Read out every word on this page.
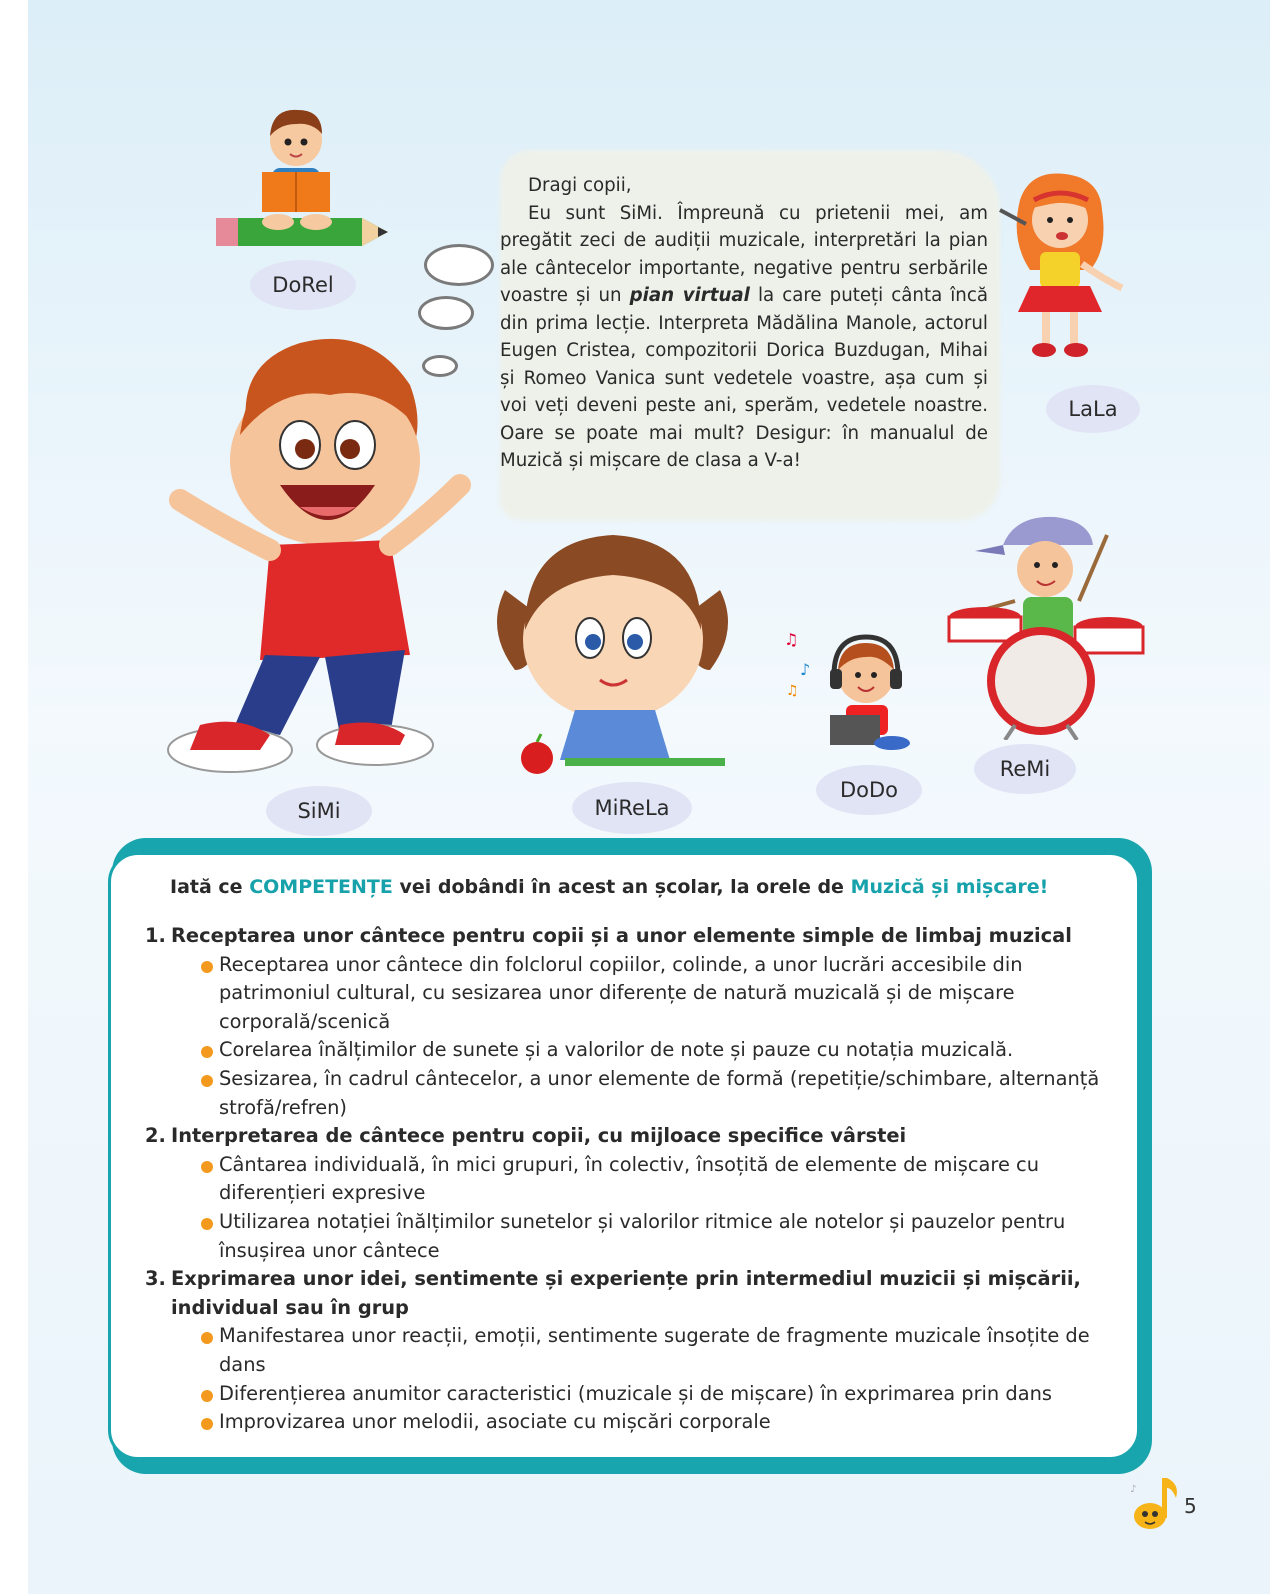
DoRel

Dragi copii,

Eu sunt SiMi. Împreună cu prietenii mei, am pregătit zeci de audiții muzicale, interpretări la pian ale cântecelor importante, negative pentru serbările voastre și un pian virtual la care puteți cânta încă din prima lecție. Interpreta Mădălina Manole, actorul Eugen Cristea, compozitorii Dorica Buzdugan, Mihai și Romeo Vanica sunt vedetele voastre, așa cum și voi veți deveni peste ani, sperăm, vedetele noastre. Oare se poate mai mult? Desigur: în manualul de Muzică și mișcare de clasa a V-a!

LaLa
SiMi	MiReLa
♫
♪
♫
DoDo
ReMi
Iată ce COMPETENȚE vei dobândi în acest an școlar, la orele de Muzică și mișcare!
1. Receptarea unor cântece pentru copii și a unor elemente simple de limbaj muzical
Receptarea unor cântece din folclorul copiilor, colinde, a unor lucrări accesibile din patrimoniul cultural, cu sesizarea unor diferențe de natură muzicală și de mișcare corporală/scenică
Corelarea înălțimilor de sunete și a valorilor de note și pauze cu notația muzicală.
Sesizarea, în cadrul cântecelor, a unor elemente de formă (repetiție/schimbare, alternanță strofă/refren)
2. Interpretarea de cântece pentru copii, cu mijloace specifice vârstei
Cântarea individuală, în mici grupuri, în colectiv, însoțită de elemente de mișcare cu diferențieri expresive
Utilizarea notației înălțimilor sunetelor și valorilor ritmice ale notelor și pauzelor pentru însușirea unor cântece
3. Exprimarea unor idei, sentimente și experiențe prin intermediul muzicii și mișcării, individual sau în grup
Manifestarea unor reacții, emoții, sentimente sugerate de fragmente muzicale însoțite de dans
Diferențierea anumitor caracteristici (muzicale și de mișcare) în exprimarea prin dans
Improvizarea unor melodii, asociate cu mișcări corporale
♪
5
